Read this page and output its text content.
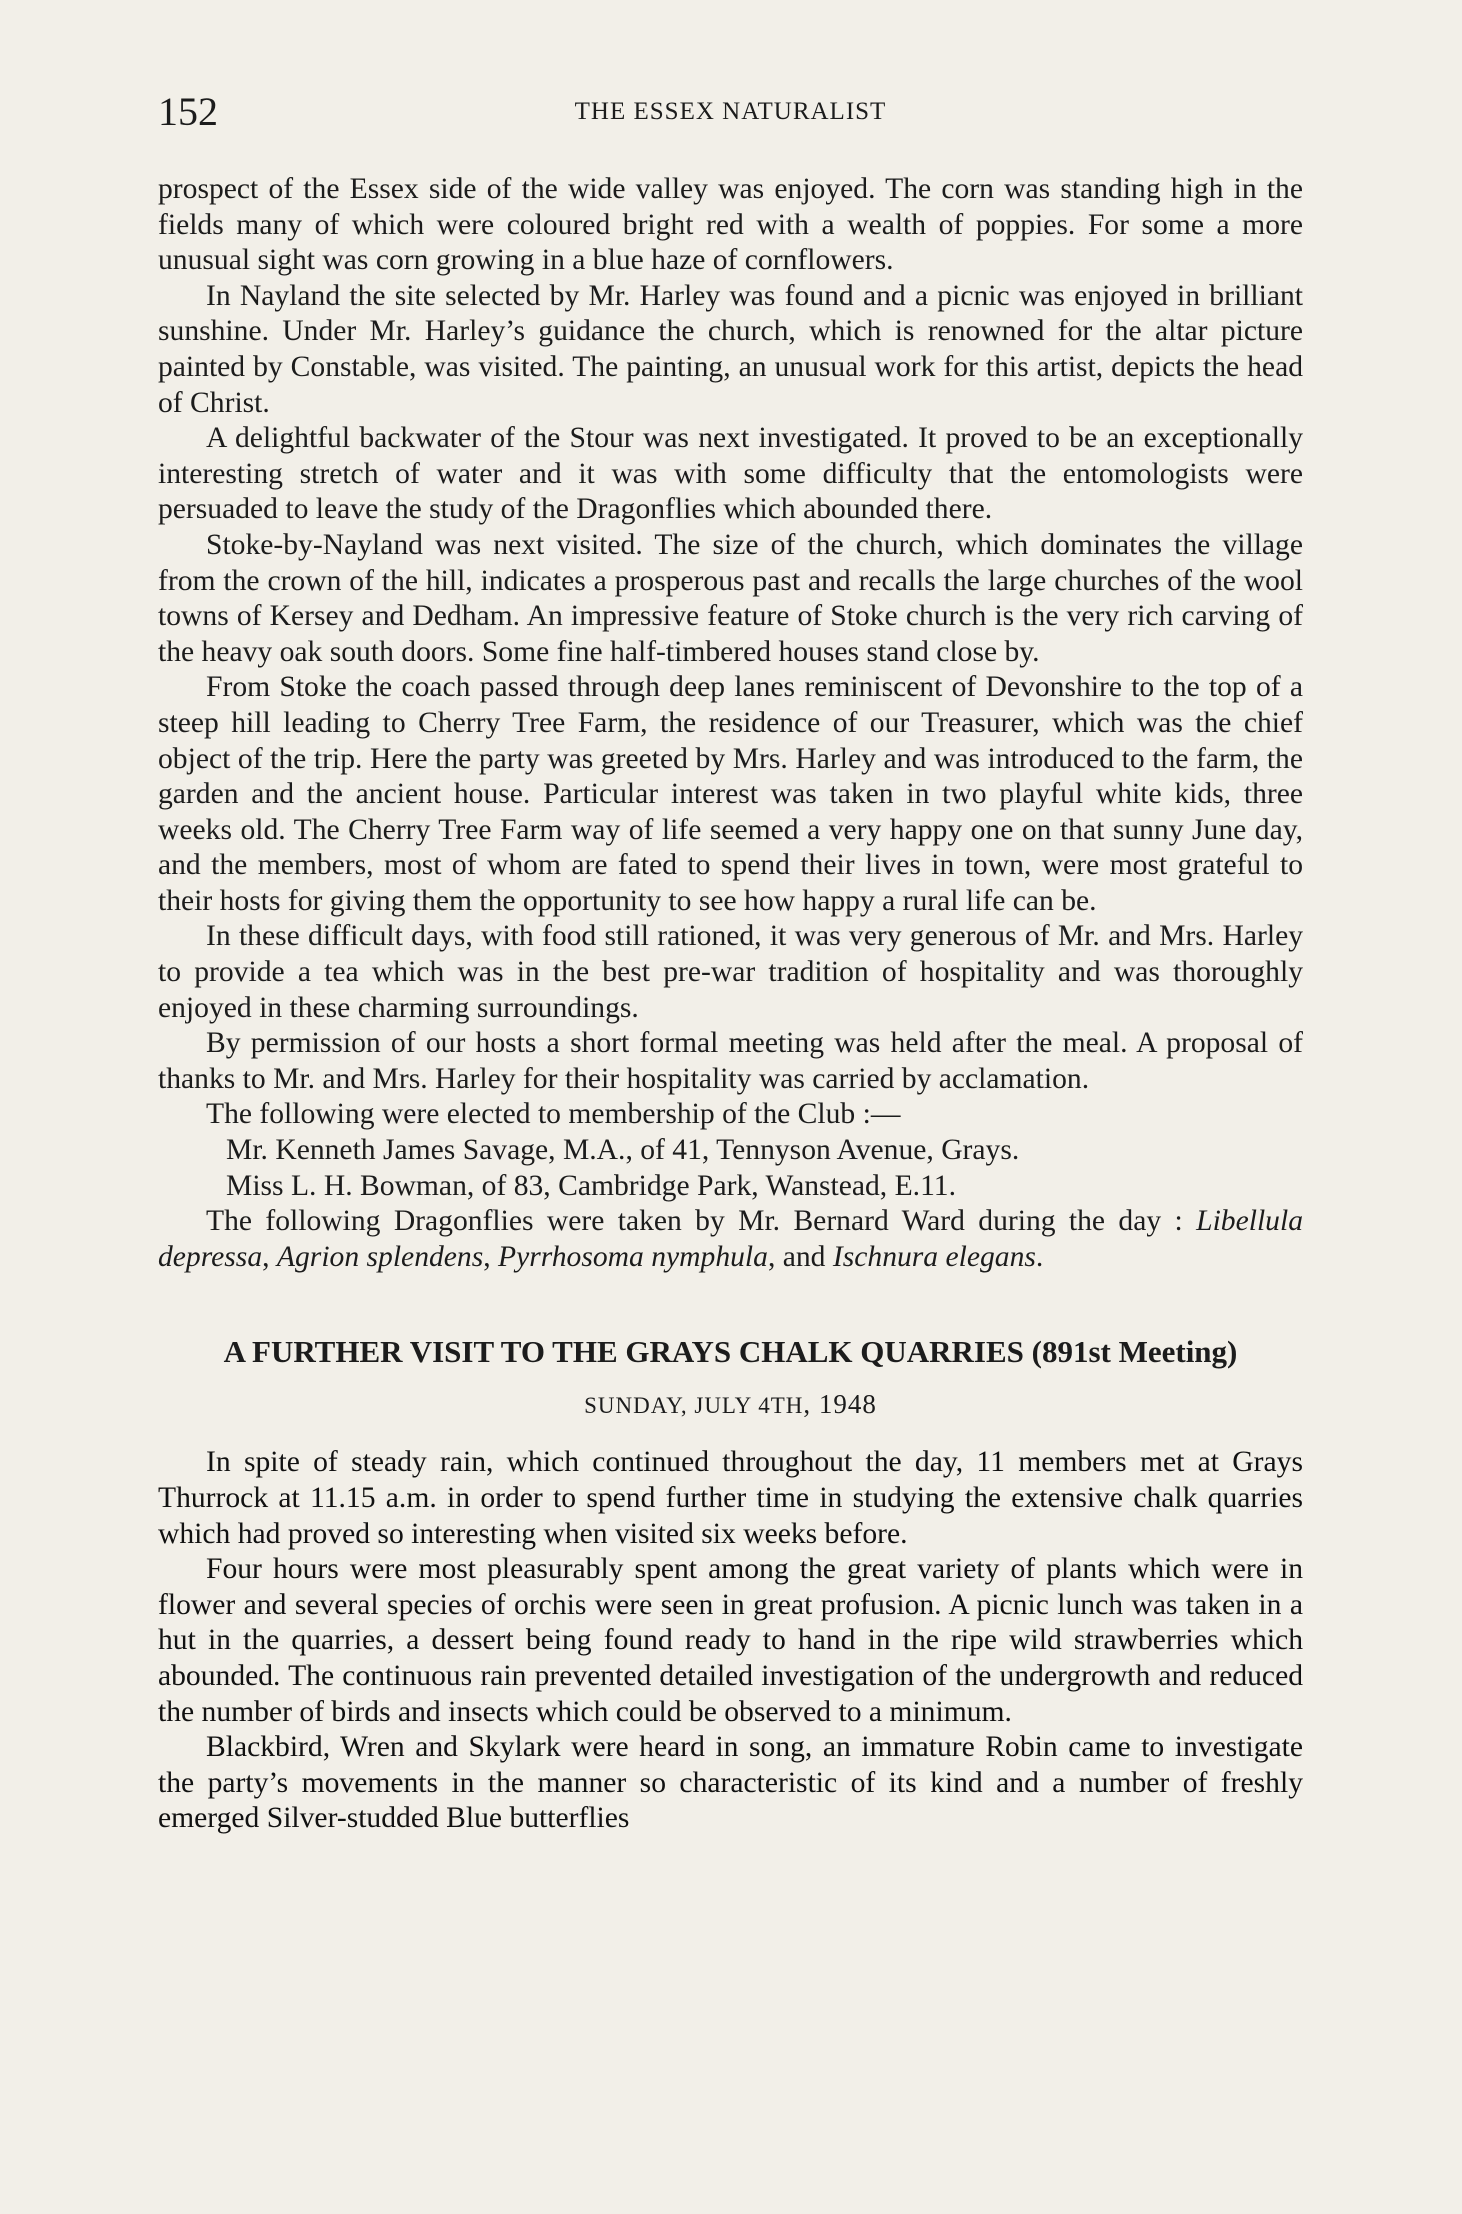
152	THE ESSEX NATURALIST

prospect of the Essex side of the wide valley was enjoyed. The corn was standing high in the fields many of which were coloured bright red with a wealth of poppies. For some a more unusual sight was corn growing in a blue haze of cornflowers.

In Nayland the site selected by Mr. Harley was found and a picnic was enjoyed in brilliant sunshine. Under Mr. Harley’s guidance the church, which is renowned for the altar picture painted by Constable, was visited. The painting, an unusual work for this artist, depicts the head of Christ.

A delightful backwater of the Stour was next investigated. It proved to be an exceptionally interesting stretch of water and it was with some difficulty that the entomologists were persuaded to leave the study of the Dragonflies which abounded there.

Stoke-by-Nayland was next visited. The size of the church, which dominates the village from the crown of the hill, indicates a prosperous past and recalls the large churches of the wool towns of Kersey and Dedham. An impressive feature of Stoke church is the very rich carving of the heavy oak south doors. Some fine half-timbered houses stand close by.

From Stoke the coach passed through deep lanes reminiscent of Devonshire to the top of a steep hill leading to Cherry Tree Farm, the residence of our Treasurer, which was the chief object of the trip. Here the party was greeted by Mrs. Harley and was introduced to the farm, the garden and the ancient house. Particular interest was taken in two playful white kids, three weeks old. The Cherry Tree Farm way of life seemed a very happy one on that sunny June day, and the members, most of whom are fated to spend their lives in town, were most grateful to their hosts for giving them the opportunity to see how happy a rural life can be.

In these difficult days, with food still rationed, it was very generous of Mr. and Mrs. Harley to provide a tea which was in the best pre-war tradition of hospitality and was thoroughly enjoyed in these charming surroundings.

By permission of our hosts a short formal meeting was held after the meal. A proposal of thanks to Mr. and Mrs. Harley for their hospitality was carried by acclamation.

The following were elected to membership of the Club :—

Mr. Kenneth James Savage, M.A., of 41, Tennyson Avenue, Grays.
Miss L. H. Bowman, of 83, Cambridge Park, Wanstead, E.11.

The following Dragonflies were taken by Mr. Bernard Ward during the day : Libellula depressa, Agrion splendens, Pyrrhosoma nymphula, and Ischnura elegans.

A FURTHER VISIT TO THE GRAYS CHALK QUARRIES (891st Meeting)
SUNDAY, JULY 4TH, 1948

In spite of steady rain, which continued throughout the day, 11 members met at Grays Thurrock at 11.15 a.m. in order to spend further time in studying the extensive chalk quarries which had proved so interesting when visited six weeks before.

Four hours were most pleasurably spent among the great variety of plants which were in flower and several species of orchis were seen in great profusion. A picnic lunch was taken in a hut in the quarries, a dessert being found ready to hand in the ripe wild strawberries which abounded. The continuous rain prevented detailed investigation of the undergrowth and reduced the number of birds and insects which could be observed to a minimum.

Blackbird, Wren and Skylark were heard in song, an immature Robin came to investigate the party’s movements in the manner so characteristic of its kind and a number of freshly emerged Silver-studded Blue butterflies
